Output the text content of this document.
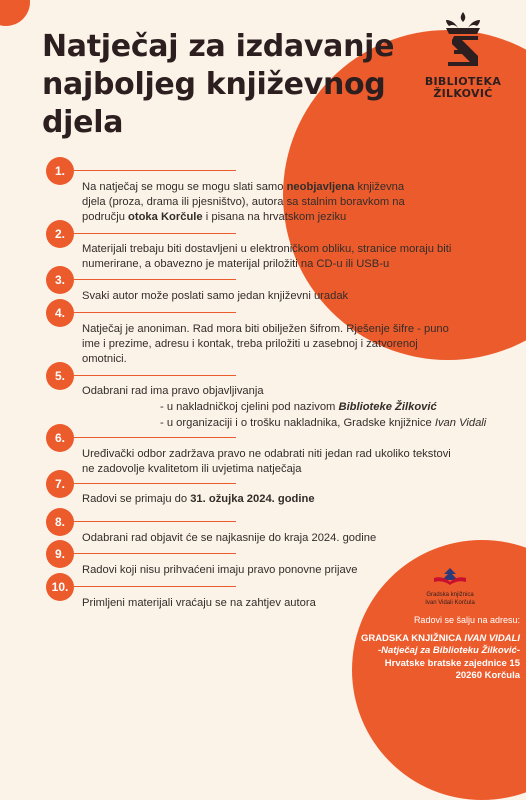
Natječaj za izdavanje najboljeg književnog djela
BIBLIOTEKA ŽILKOVIĆ
1.
Na natječaj se mogu se mogu slati samo neobjavljena književna
djela (proza, drama ili pjesništvo), autora sa stalnim boravkom na
području otoka Korčule i pisana na hrvatskom jeziku
2.
Materijali trebaju biti dostavljeni u elektroničkom obliku, stranice moraju biti
numerirane, a obavezno je materijal priložiti na CD-u ili USB-u
3.
Svaki autor može poslati samo jedan književni uradak
4.
Natječaj je anoniman. Rad mora biti obilježen šifrom. Rješenje šifre - puno
ime i prezime, adresu i kontak, treba priložiti u zasebnoj i zatvorenoj
omotnici.
5.
Odabrani rad ima pravo objavljivanja
- u nakladničkoj cjelini pod nazivom Biblioteke Žilković
- u organizaciji i o trošku nakladnika, Gradske knjižnice Ivan Vidali
6.
Uređivački odbor zadržava pravo ne odabrati niti jedan rad ukoliko tekstovi
ne zadovolje kvalitetom ili uvjetima natječaja
7.
Radovi se primaju do 31. ožujka 2024. godine
8.
Odabrani rad objavit će se najkasnije do kraja 2024. godine
9.
Radovi koji nisu prihvaćeni imaju pravo ponovne prijave
10.
Primljeni materijali vraćaju se na zahtjev autora
Gradska knjižnica
Ivan Vidali Korčula
Radovi se šalju na adresu:
GRADSKA KNJIŽNICA IVAN VIDALI
-Natječaj za Biblioteku Žilković-
Hrvatske bratske zajednice 15
20260 Korčula
